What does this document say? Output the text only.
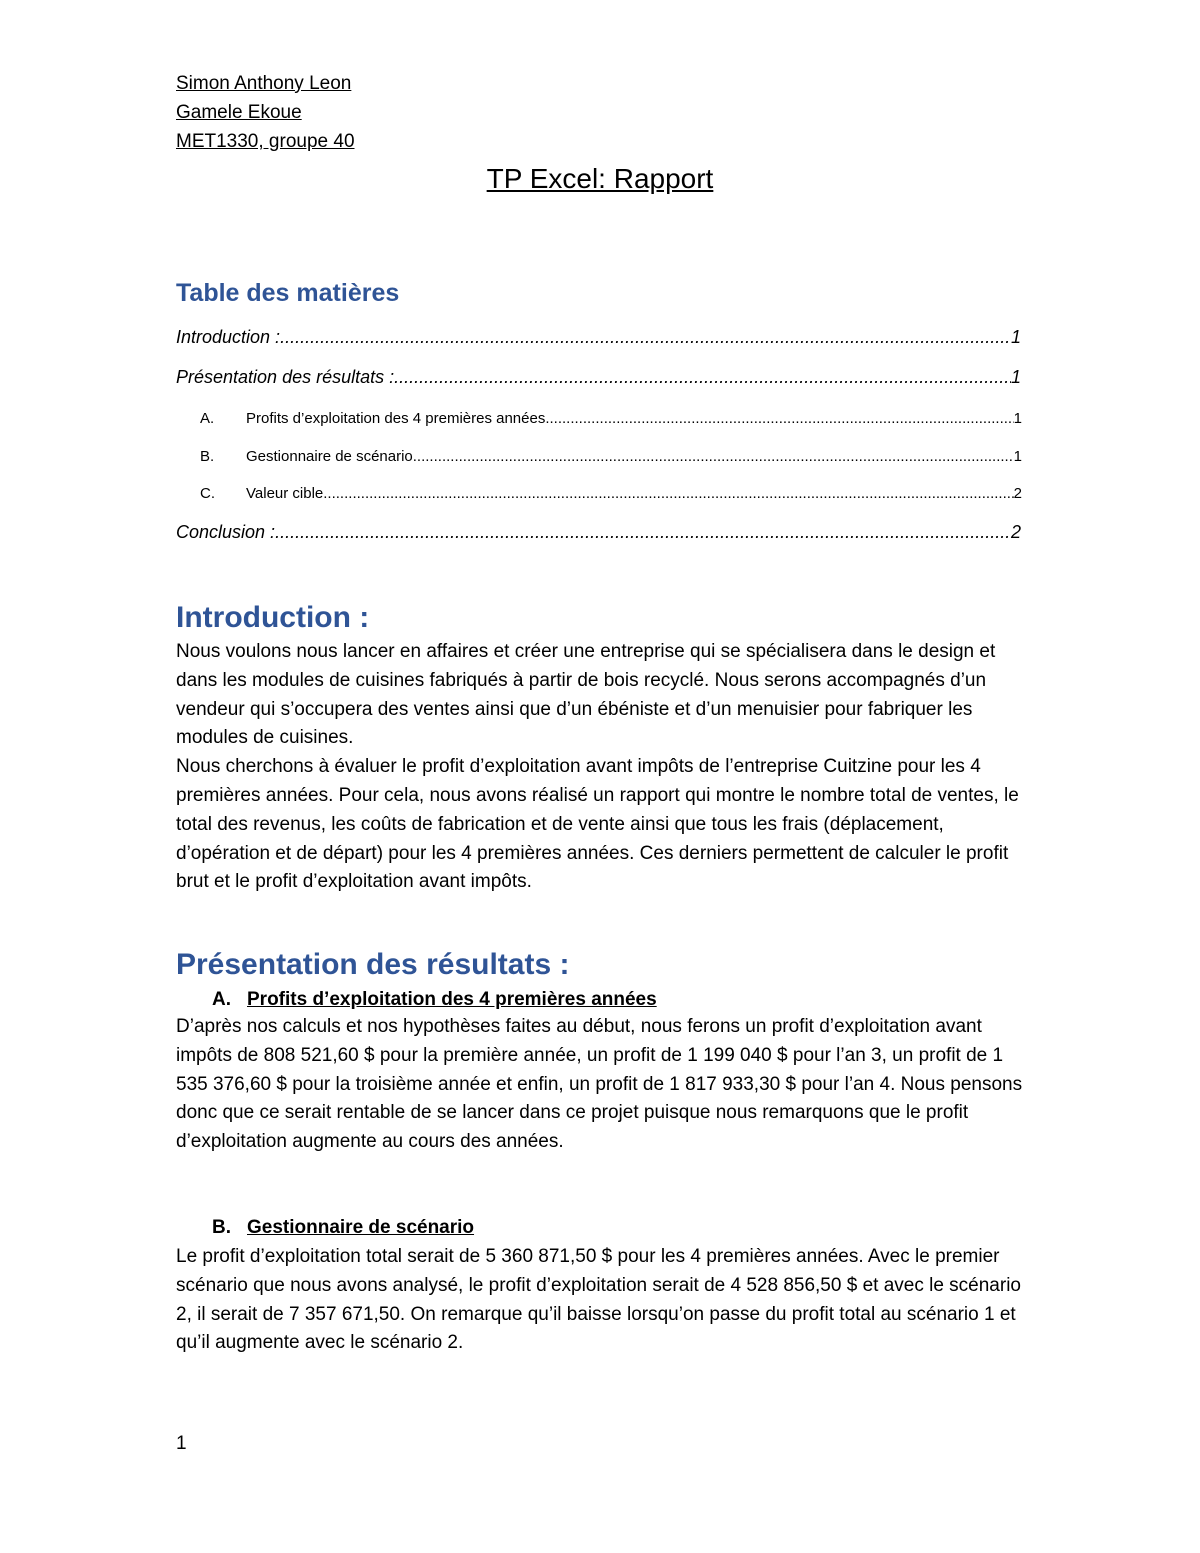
Simon Anthony Leon
Gamele Ekoue
MET1330, groupe 40
TP Excel: Rapport
Table des matières
Introduction : .....	1
Présentation des résultats : .....	1
A.	Profits d’exploitation des 4 premières années .....	1
B.	Gestionnaire de scénario .....	1
C.	Valeur cible .....	2
Conclusion : .....	2
Introduction :

Nous voulons nous lancer en affaires et créer une entreprise qui se spécialisera dans le design et dans les modules de cuisines fabriqués à partir de bois recyclé. Nous serons accompagnés d’un vendeur qui s’occupera des ventes ainsi que d’un ébéniste et d’un menuisier pour fabriquer les modules de cuisines.

Nous cherchons à évaluer le profit d’exploitation avant impôts de l’entreprise Cuitzine pour les 4 premières années. Pour cela, nous avons réalisé un rapport qui montre le nombre total de ventes, le total des revenus, les coûts de fabrication et de vente ainsi que tous les frais (déplacement, d’opération et de départ) pour les 4 premières années. Ces derniers permettent de calculer le profit brut et le profit d’exploitation avant impôts.

Présentation des résultats :
A. Profits d’exploitation des 4 premières années

D’après nos calculs et nos hypothèses faites au début, nous ferons un profit d’exploitation avant impôts de 808 521,60 $ pour la première année, un profit de 1 199 040 $ pour l’an 3, un profit de 1 535 376,60 $ pour la troisième année et enfin, un profit de 1 817 933,30 $ pour l’an 4. Nous pensons donc que ce serait rentable de se lancer dans ce projet puisque nous remarquons que le profit d’exploitation augmente au cours des années.

B. Gestionnaire de scénario

Le profit d’exploitation total serait de 5 360 871,50 $ pour les 4 premières années. Avec le premier scénario que nous avons analysé, le profit d’exploitation serait de 4 528 856,50 $ et avec le scénario 2, il serait de 7 357 671,50. On remarque qu’il baisse lorsqu’on passe du profit total au scénario 1 et qu’il augmente avec le scénario 2.

1
